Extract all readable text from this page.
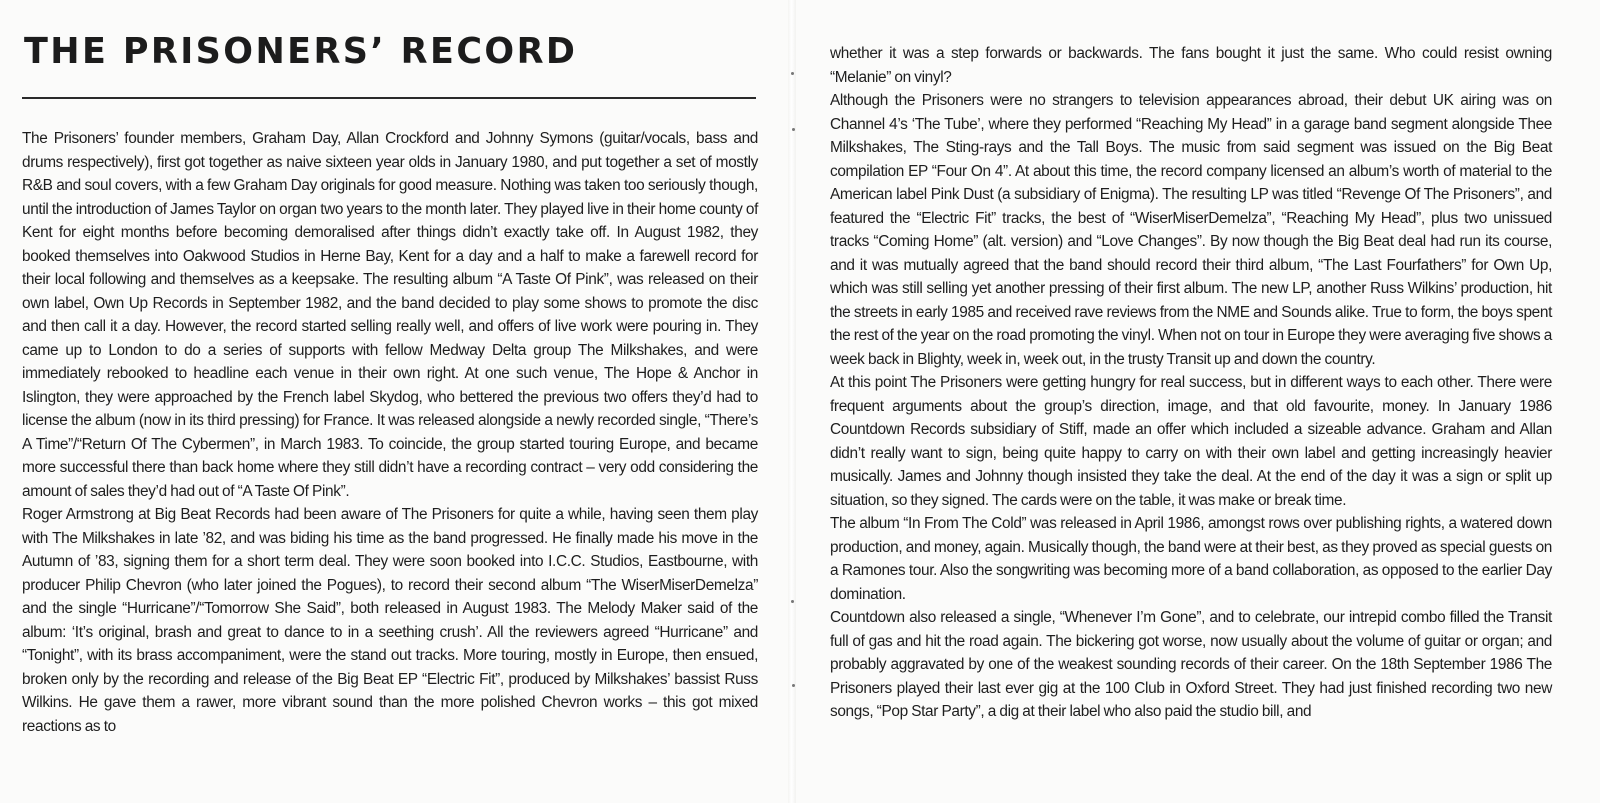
THE PRISONERS’ RECORD

The Prisoners’ founder members, Graham Day, Allan Crockford and Johnny Symons (guitar/vocals, bass and drums respectively), first got together as naive sixteen year olds in January 1980, and put together a set of mostly R&B and soul covers, with a few Graham Day originals for good measure. Nothing was taken too seriously though, until the introduction of James Taylor on organ two years to the month later. They played live in their home county of Kent for eight months before becoming demoralised after things didn’t exactly take off. In August 1982, they booked themselves into Oakwood Studios in Herne Bay, Kent for a day and a half to make a farewell record for their local following and themselves as a keepsake. The resulting album “A Taste Of Pink”, was released on their own label, Own Up Records in September 1982, and the band decided to play some shows to promote the disc and then call it a day. However, the record started selling really well, and offers of live work were pouring in. They came up to London to do a series of supports with fellow Medway Delta group The Milkshakes, and were immediately rebooked to headline each venue in their own right. At one such venue, The Hope & Anchor in Islington, they were approached by the French label Skydog, who bettered the previous two offers they’d had to license the album (now in its third pressing) for France. It was released alongside a newly recorded single, “There’s A Time”/“Return Of The Cybermen”, in March 1983. To coincide, the group started touring Europe, and became more successful there than back home where they still didn’t have a recording contract – very odd considering the amount of sales they’d had out of “A Taste Of Pink”.

Roger Armstrong at Big Beat Records had been aware of The Prisoners for quite a while, having seen them play with The Milkshakes in late ’82, and was biding his time as the band progressed. He finally made his move in the Autumn of ’83, signing them for a short term deal. They were soon booked into I.C.C. Studios, Eastbourne, with producer Philip Chevron (who later joined the Pogues), to record their second album “The WiserMiserDemelza” and the single “Hurricane”/“Tomorrow She Said”, both released in August 1983. The Melody Maker said of the album: ‘It’s original, brash and great to dance to in a seething crush’. All the reviewers agreed “Hurricane” and “Tonight”, with its brass accompaniment, were the stand out tracks. More touring, mostly in Europe, then ensued, broken only by the recording and release of the Big Beat EP “Electric Fit”, produced by Milkshakes’ bassist Russ Wilkins. He gave them a rawer, more vibrant sound than the more polished Chevron works – this got mixed reactions as to

whether it was a step forwards or backwards. The fans bought it just the same. Who could resist owning “Melanie” on vinyl?

Although the Prisoners were no strangers to television appearances abroad, their debut UK airing was on Channel 4’s ‘The Tube’, where they performed “Reaching My Head” in a garage band segment alongside Thee Milkshakes, The Sting-rays and the Tall Boys. The music from said segment was issued on the Big Beat compilation EP “Four On 4”. At about this time, the record company licensed an album’s worth of material to the American label Pink Dust (a subsidiary of Enigma). The resulting LP was titled “Revenge Of The Prisoners”, and featured the “Electric Fit” tracks, the best of “WiserMiserDemelza”, “Reaching My Head”, plus two unissued tracks “Coming Home” (alt. version) and “Love Changes”. By now though the Big Beat deal had run its course, and it was mutually agreed that the band should record their third album, “The Last Fourfathers” for Own Up, which was still selling yet another pressing of their first album. The new LP, another Russ Wilkins’ production, hit the streets in early 1985 and received rave reviews from the NME and Sounds alike. True to form, the boys spent the rest of the year on the road promoting the vinyl. When not on tour in Europe they were averaging five shows a week back in Blighty, week in, week out, in the trusty Transit up and down the country.

At this point The Prisoners were getting hungry for real success, but in different ways to each other. There were frequent arguments about the group’s direction, image, and that old favourite, money. In January 1986 Countdown Records subsidiary of Stiff, made an offer which included a sizeable advance. Graham and Allan didn’t really want to sign, being quite happy to carry on with their own label and getting increasingly heavier musically. James and Johnny though insisted they take the deal. At the end of the day it was a sign or split up situation, so they signed. The cards were on the table, it was make or break time.

The album “In From The Cold” was released in April 1986, amongst rows over publishing rights, a watered down production, and money, again. Musically though, the band were at their best, as they proved as special guests on a Ramones tour. Also the songwriting was becoming more of a band collaboration, as opposed to the earlier Day domination.

Countdown also released a single, “Whenever I’m Gone”, and to celebrate, our intrepid combo filled the Transit full of gas and hit the road again. The bickering got worse, now usually about the volume of guitar or organ; and probably aggravated by one of the weakest sounding records of their career. On the 18th September 1986 The Prisoners played their last ever gig at the 100 Club in Oxford Street. They had just finished recording two new songs, “Pop Star Party”, a dig at their label who also paid the studio bill, and
